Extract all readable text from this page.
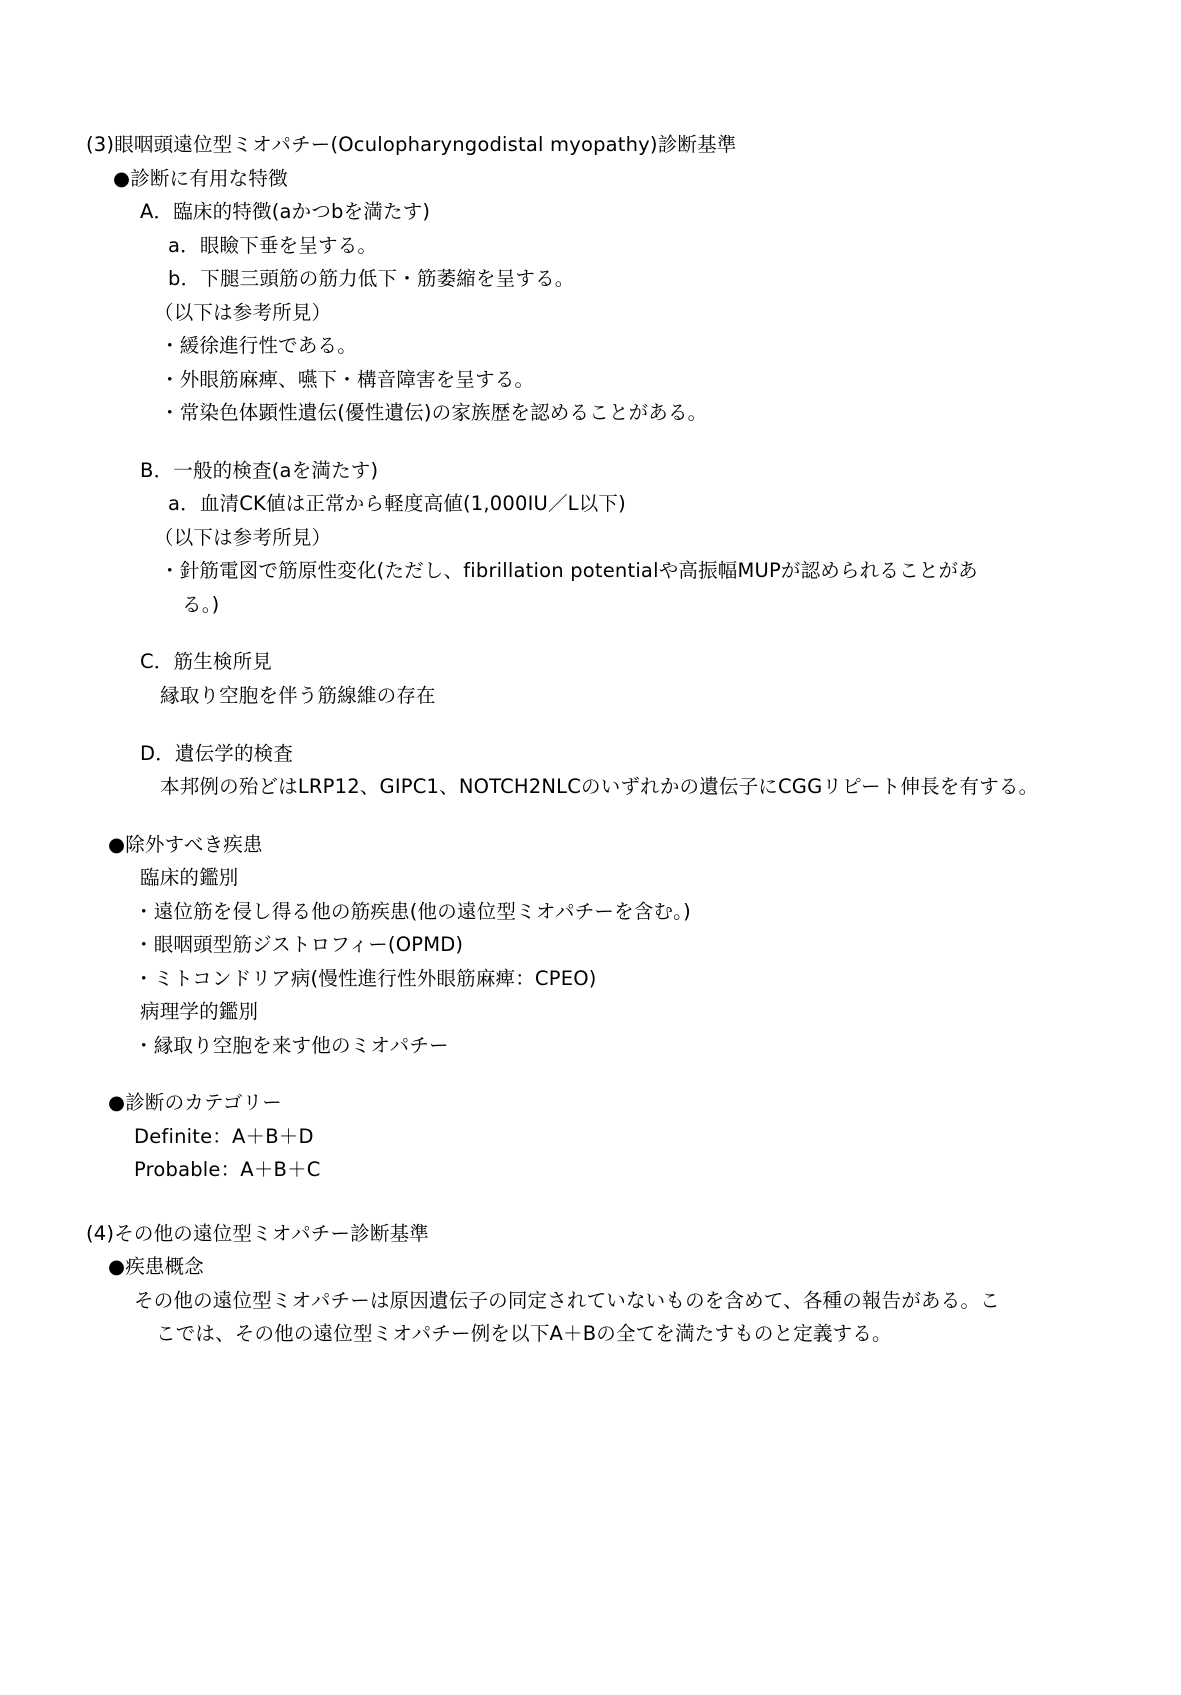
(3)眼咽頭遠位型ミオパチー(Oculopharyngodistal myopathy)診断基準

●診断に有用な特徴

A．臨床的特徴(aかつbを満たす)

a．眼瞼下垂を呈する。

b．下腿三頭筋の筋力低下・筋萎縮を呈する。

（以下は参考所見）

・緩徐進行性である。

・外眼筋麻痺、嚥下・構音障害を呈する。

・常染色体顕性遺伝(優性遺伝)の家族歴を認めることがある。

B．一般的検査(aを満たす)

a．血清CK値は正常から軽度高値(1,000IU／L以下)

（以下は参考所見）

・針筋電図で筋原性変化(ただし、fibrillation potentialや高振幅MUPが認められることがあ

る。)

C．筋生検所見

縁取り空胞を伴う筋線維の存在

D．遺伝学的検査

本邦例の殆どはLRP12、GIPC1、NOTCH2NLCのいずれかの遺伝子にCGGリピート伸長を有する。

●除外すべき疾患

臨床的鑑別

・遠位筋を侵し得る他の筋疾患(他の遠位型ミオパチーを含む。)

・眼咽頭型筋ジストロフィー(OPMD)

・ミトコンドリア病(慢性進行性外眼筋麻痺：CPEO)

病理学的鑑別

・縁取り空胞を来す他のミオパチー

●診断のカテゴリー

Definite：A＋B＋D

Probable：A＋B＋C

(4)その他の遠位型ミオパチー診断基準

●疾患概念

その他の遠位型ミオパチーは原因遺伝子の同定されていないものを含めて、各種の報告がある。こ

こでは、その他の遠位型ミオパチー例を以下A＋Bの全てを満たすものと定義する。
